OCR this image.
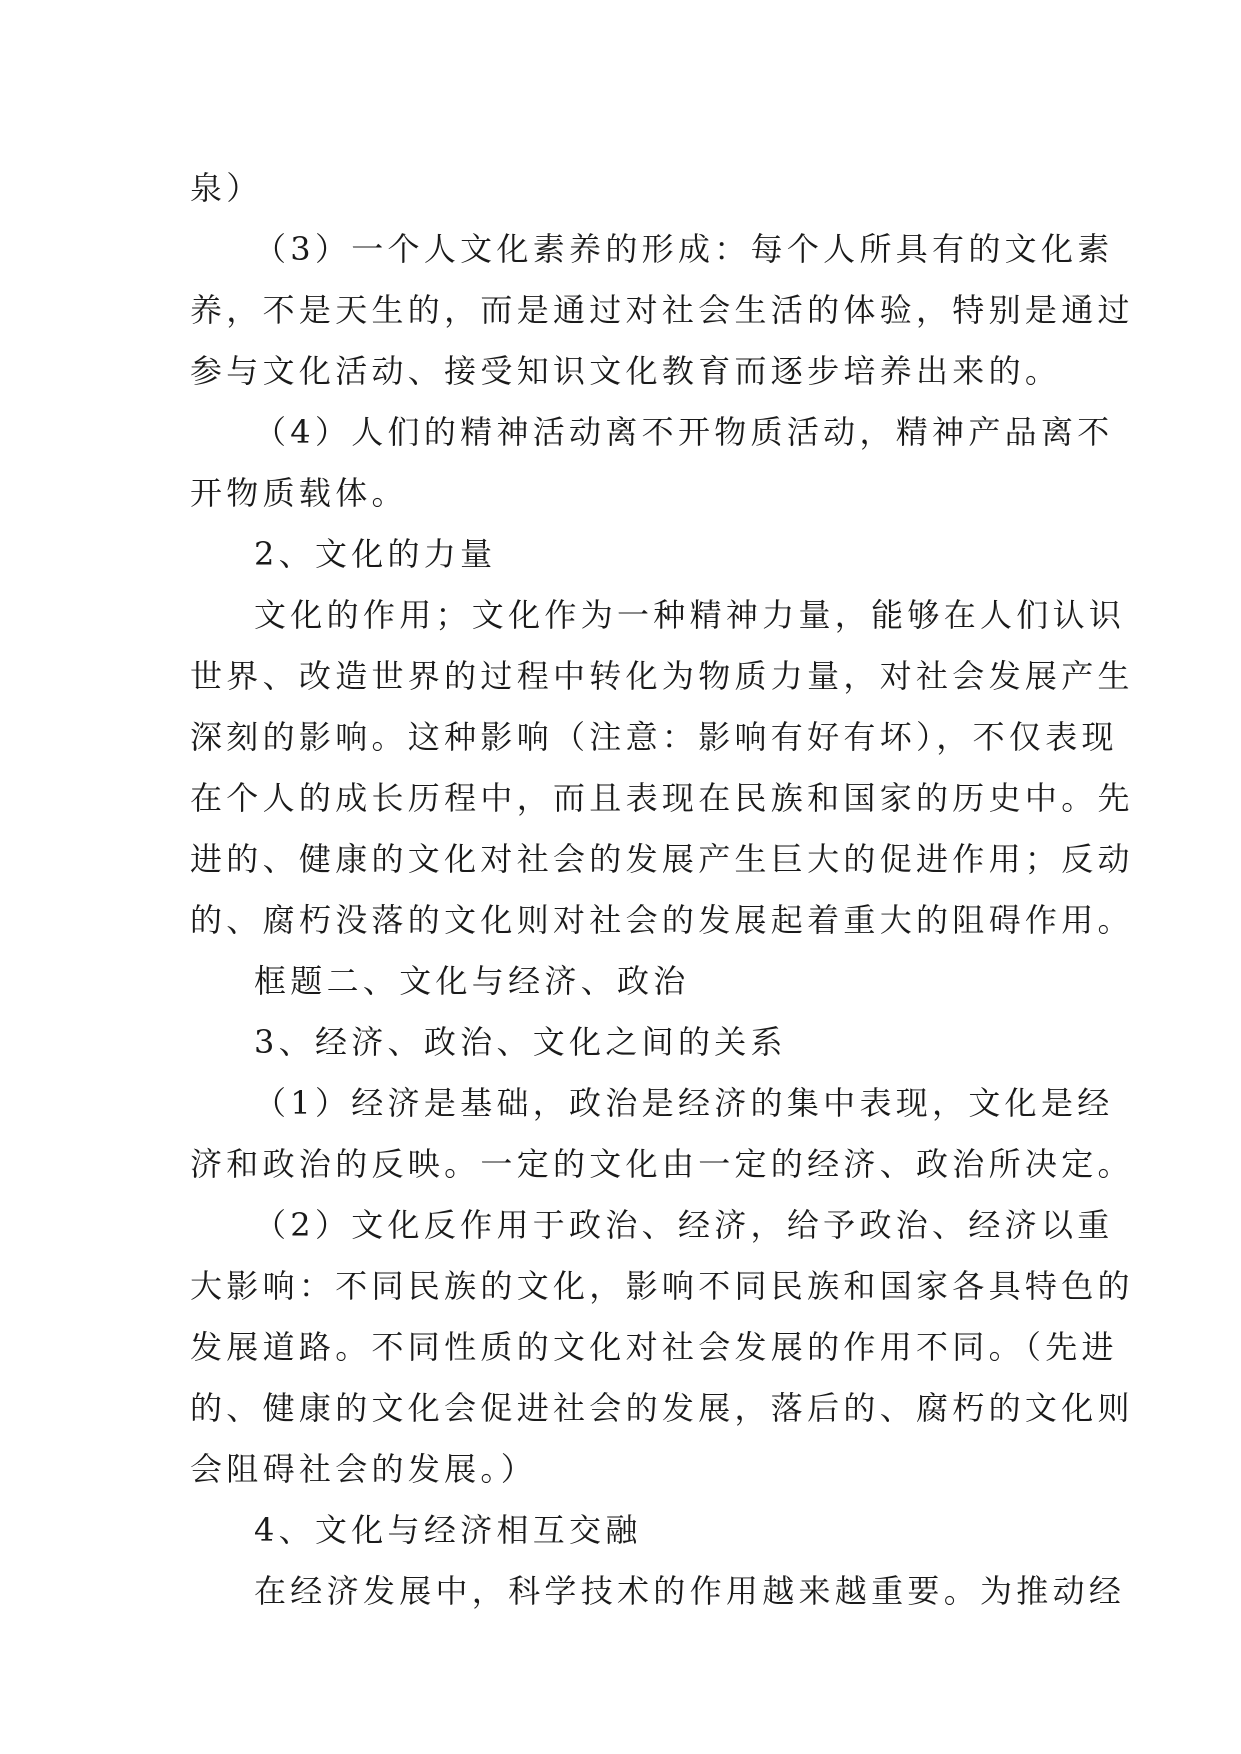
泉）

（3）一个人文化素养的形成：每个人所具有的文化素
养，不是天生的，而是通过对社会生活的体验，特别是通过
参与文化活动、接受知识文化教育而逐步培养出来的。

（4）人们的精神活动离不开物质活动，精神产品离不
开物质载体。

2、文化的力量

文化的作用；文化作为一种精神力量，能够在人们认识
世界、改造世界的过程中转化为物质力量，对社会发展产生
深刻的影响。这种影响（注意：影响有好有坏），不仅表现
在个人的成长历程中，而且表现在民族和国家的历史中。先
进的、健康的文化对社会的发展产生巨大的促进作用；反动
的、腐朽没落的文化则对社会的发展起着重大的阻碍作用。

框题二、文化与经济、政治

3、经济、政治、文化之间的关系

（1）经济是基础，政治是经济的集中表现，文化是经
济和政治的反映。一定的文化由一定的经济、政治所决定。

（2）文化反作用于政治、经济，给予政治、经济以重
大影响：不同民族的文化，影响不同民族和国家各具特色的
发展道路。不同性质的文化对社会发展的作用不同。（先进
的、健康的文化会促进社会的发展，落后的、腐朽的文化则
会阻碍社会的发展。）

4、文化与经济相互交融

在经济发展中，科学技术的作用越来越重要。为推动经
